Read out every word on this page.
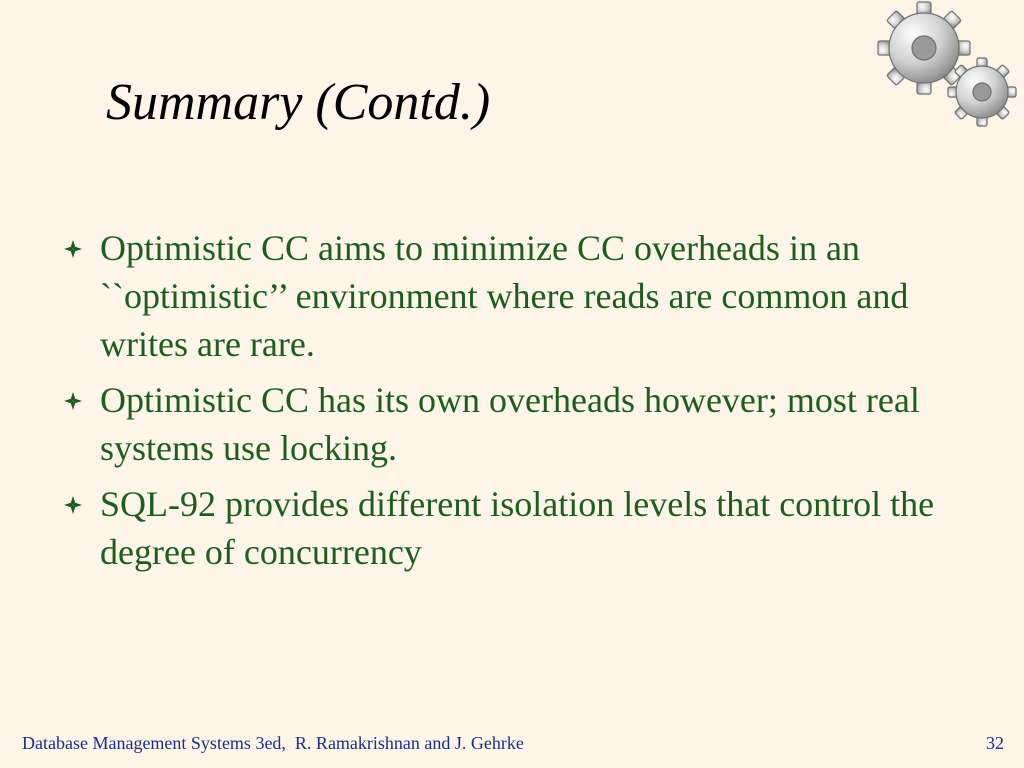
Summary (Contd.)
Optimistic CC aims to minimize CC overheads in an ``optimistic’’ environment where reads are common and writes are rare.
Optimistic CC has its own overheads however; most real systems use locking.
SQL-92 provides different isolation levels that control the degree of concurrency
Database Management Systems 3ed,  R. Ramakrishnan and J. Gehrke	32
